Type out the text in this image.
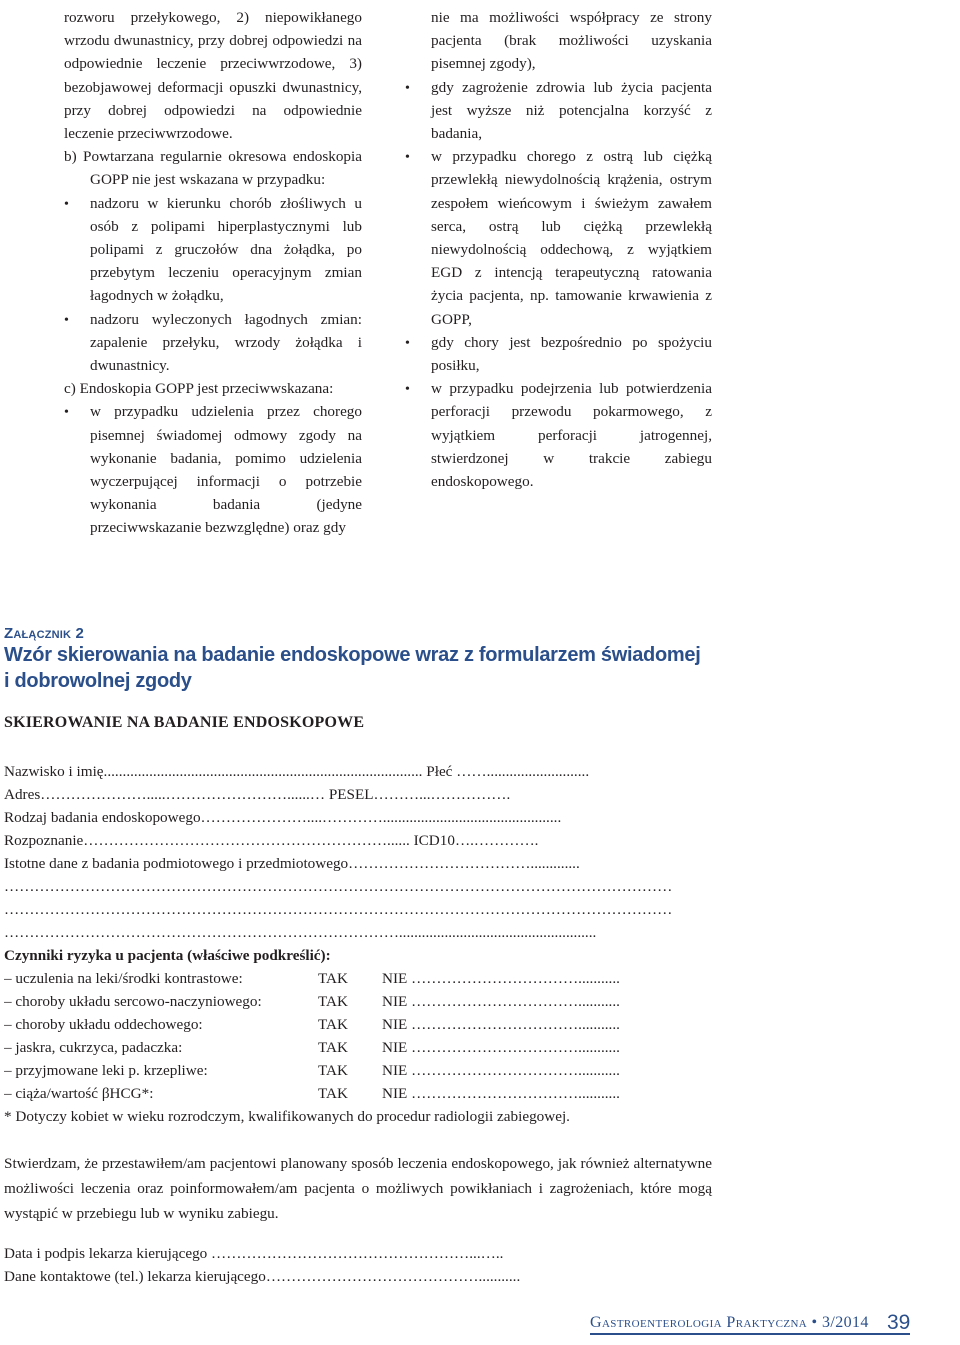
rozworu przełykowego, 2) niepowikłanego wrzodu dwunastnicy, przy dobrej odpowiedzi na odpowiednie leczenie przeciwwrzodowe, 3) bezobjawowej deformacji opuszki dwunastnicy, przy dobrej odpowiedzi na odpowiednie leczenie przeciwwrzodowe.

b) Powtarzana regularnie okresowa endoskopia GOPP nie jest wskazana w przypadku:

•
nadzoru w kierunku chorób złośliwych u osób z polipami hiperplastycznymi lub polipami z gruczołów dna żołądka, po przebytym leczeniu operacyjnym zmian łagodnych w żołądku,
•
nadzoru wyleczonych łagodnych zmian: zapalenie przełyku, wrzody żołądka i dwunastnicy.

c) Endoskopia GOPP jest przeciwwskazana:

•
w przypadku udzielenia przez chorego pisemnej świadomej odmowy zgody na wykonanie badania, pomimo udzielenia wyczerpującej informacji o potrzebie wykonania badania (jedyne przeciwwskazanie bezwzględne) oraz gdy

nie ma możliwości współpracy ze strony pacjenta (brak możliwości uzyskania pisemnej zgody),

•
gdy zagrożenie zdrowia lub życia pacjenta jest wyższe niż potencjalna korzyść z badania,
•
w przypadku chorego z ostrą lub ciężką przewlekłą niewydolnością krążenia, ostrym zespołem wieńcowym i świeżym zawałem serca, ostrą lub ciężką przewlekłą niewydolnością oddechową, z wyjątkiem EGD z intencją terapeutyczną ratowania życia pacjenta, np. tamowanie krwawienia z GOPP,
•
gdy chory jest bezpośrednio po spożyciu posiłku,
•
w przypadku podejrzenia lub potwierdzenia perforacji przewodu pokarmowego, z wyjątkiem perforacji jatrogennej, stwierdzonej w trakcie zabiegu endoskopowego.
Załącznik 2
Wzór skierowania na badanie endoskopowe wraz z formularzem świadomej
i dobrowolnej zgody
SKIEROWANIE NA BADANIE ENDOSKOPOWE
Nazwisko i imię.................................................................................... Płeć ……...........................
Adres………………….....……………………......… PESEL………...…………….
Rodzaj badania endoskopowego…………………....…………...............................................
Rozpoznanie……………………………………………………...... ICD10….………….
Istotne dane z badania podmiotowego i przedmiotowego……………………………….............
……………………………………………………………………………………………………………………
……………………………………………………………………………………………………………………
……………………………………………………………………....................................................
Czynniki ryzyka u pacjenta (właściwe podkreślić):
– uczulenia na leki/środki kontrastowe:	TAK NIE ……………………………...........
– choroby układu sercowo-naczyniowego:	TAK NIE ……………………………...........
– choroby układu oddechowego:	TAK NIE ……………………………...........
– jaskra, cukrzyca, padaczka:	TAK NIE ……………………………...........
– przyjmowane leki p. krzepliwe:	TAK NIE ……………………………...........
– ciąża/wartość βHCG*:	TAK NIE ……………………………...........
* Dotyczy kobiet w wieku rozrodczym, kwalifikowanych do procedur radiologii zabiegowej.
Stwierdzam, że przestawiłem/am pacjentowi planowany sposób leczenia endoskopowego, jak również alternatywne możliwości leczenia oraz poinformowałem/am pacjenta o możliwych powikłaniach i zagrożeniach, które mogą wystąpić w przebiegu lub w wyniku zabiegu.
Data i podpis lekarza kierującego ……………………………………………...…..
Dane kontaktowe (tel.) lekarza kierującego……………………………………...........
Gastroenterologia Praktyczna • 3/2014 39
